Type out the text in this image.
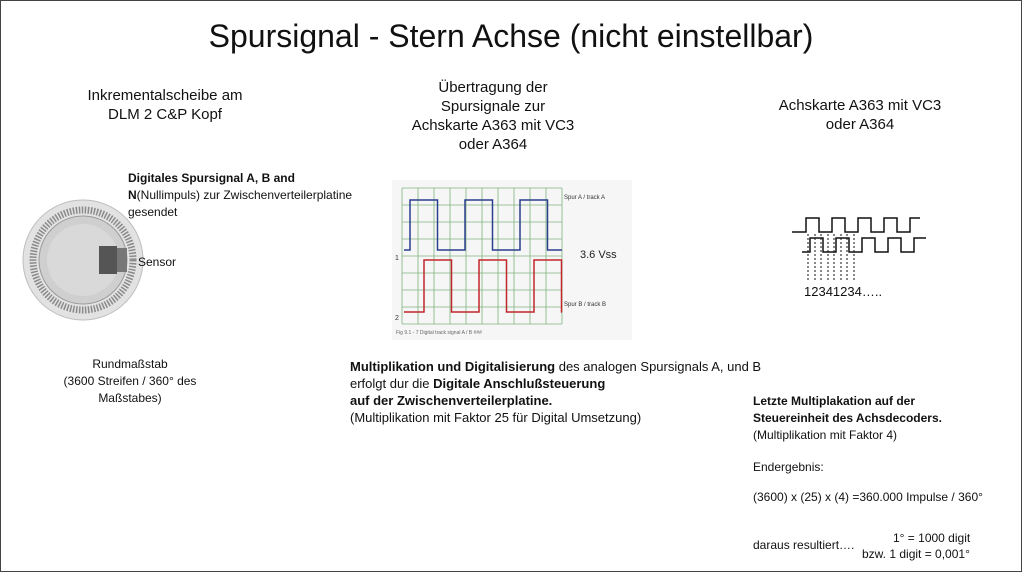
Spursignal - Stern Achse (nicht einstellbar)
Inkrementalscheibe am
DLM 2 C&P Kopf
Digitales Spursignal A, B and
N(Nullimpuls) zur Zwischenverteilerplatine
gesendet
Sensor
Rundmaßstab
(3600 Streifen / 360° des
Maßstabes)
Übertragung der
Spursignale zur
Achskarte A363 mit VC3
oder A364
1
2
Spur A / track A
Spur B / track B
3.6 Vss
Fig 9.1 - 7 Digital track signal A / B ###
Multiplikation und Digitalisierung des analogen Spursignals A, und B
erfolgt dur die Digitale Anschlußsteuerung
auf der Zwischenverteilerplatine.
(Multiplikation mit Faktor 25 für Digital Umsetzung)
Achskarte A363 mit VC3
oder A364
12341234…..
Letzte Multiplakation auf der
Steuereinheit des Achsdecoders.
(Multiplikation mit Faktor 4)
Endergebnis:
(3600) x (25) x (4) =360.000 Impulse / 360°
daraus resultiert….	1° = 1000 digit
bzw. 1 digit = 0,001°
